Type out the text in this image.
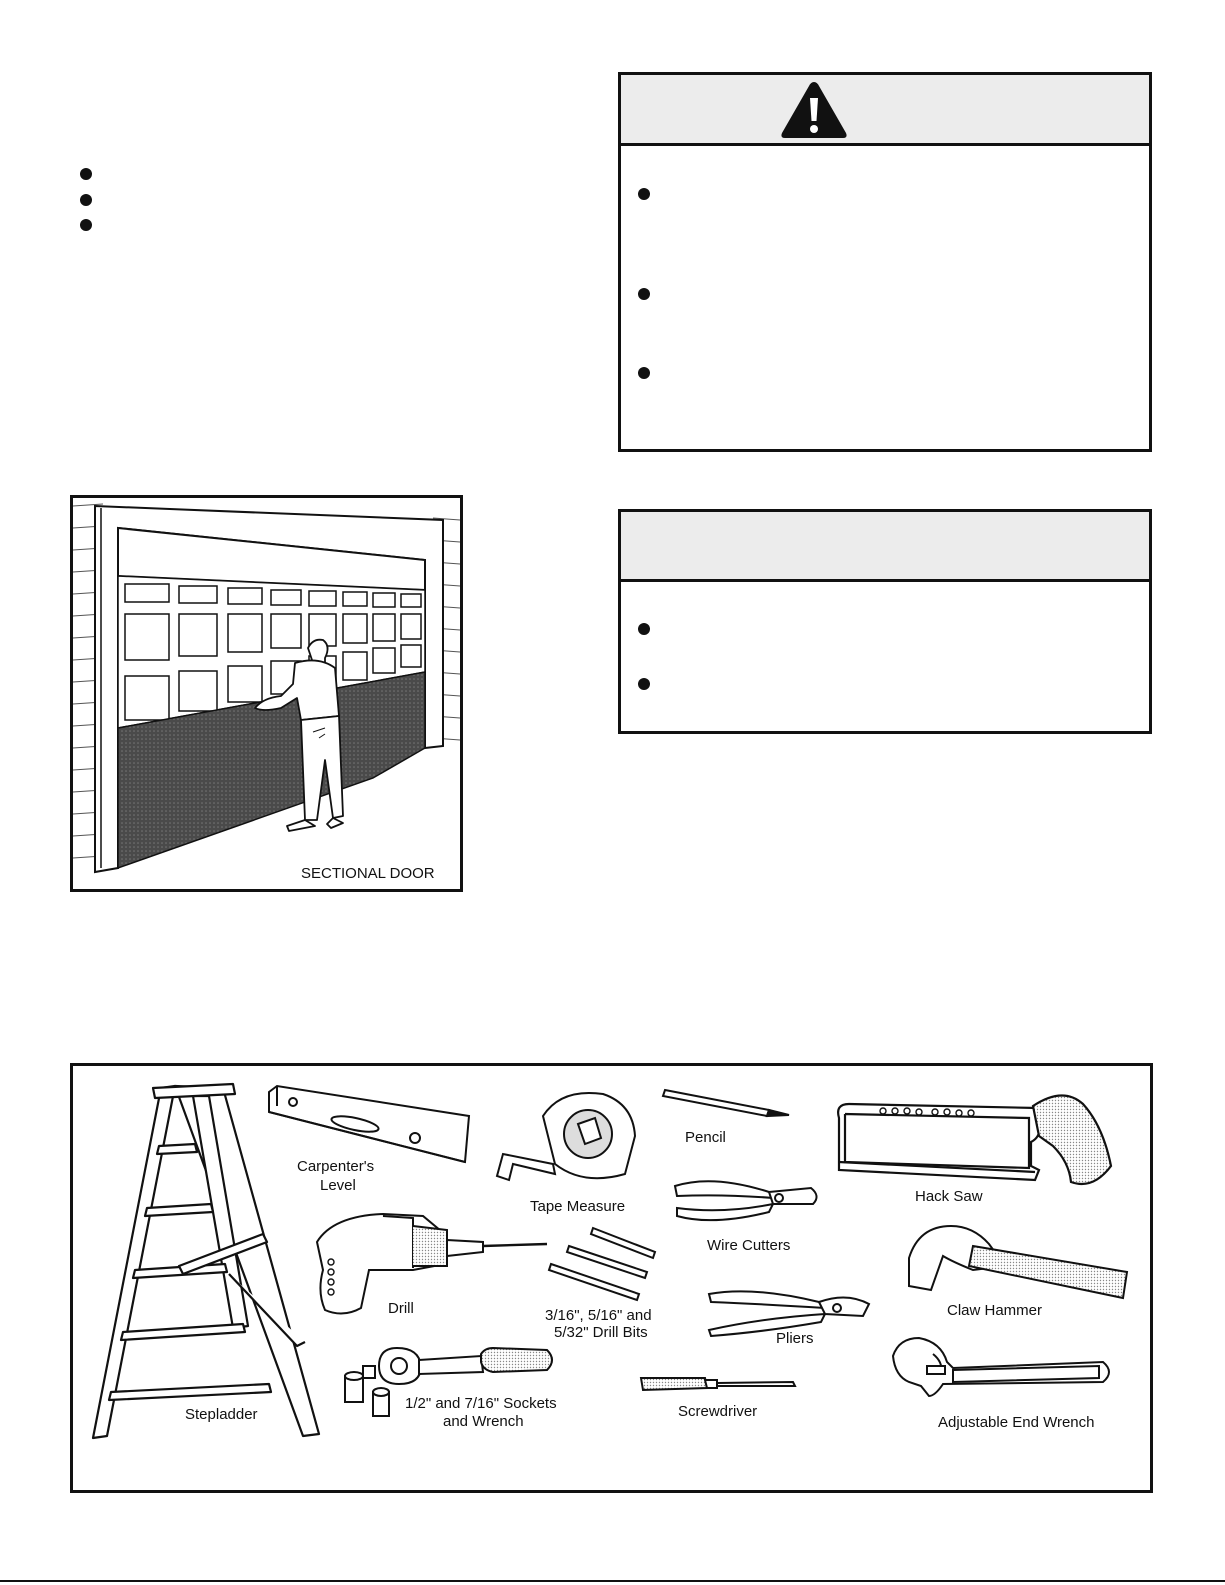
SECTIONAL DOOR
Stepladder
Carpenter's
Level
Tape Measure
Pencil
Hack Saw
Wire Cutters
Claw Hammer
Drill	3/16", 5/16" and
5/32" Drill Bits	Pliers
1/2" and 7/16" Sockets
and Wrench
Screwdriver
Adjustable End Wrench
